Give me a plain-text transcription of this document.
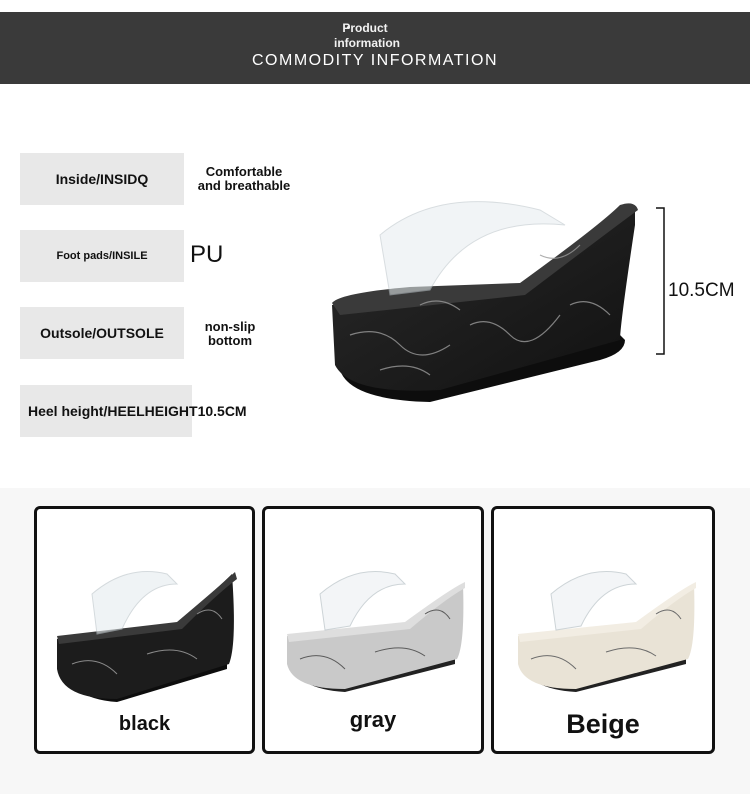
Product
information
COMMODITY INFORMATION
Inside/INSIDQ	Comfortable
and breathable
Foot pads/INSILE	PU
Outsole/OUTSOLE	non-slip
bottom
Heel height/HEELHEIGHT10.5CM
10.5CM
black	gray	Beige
